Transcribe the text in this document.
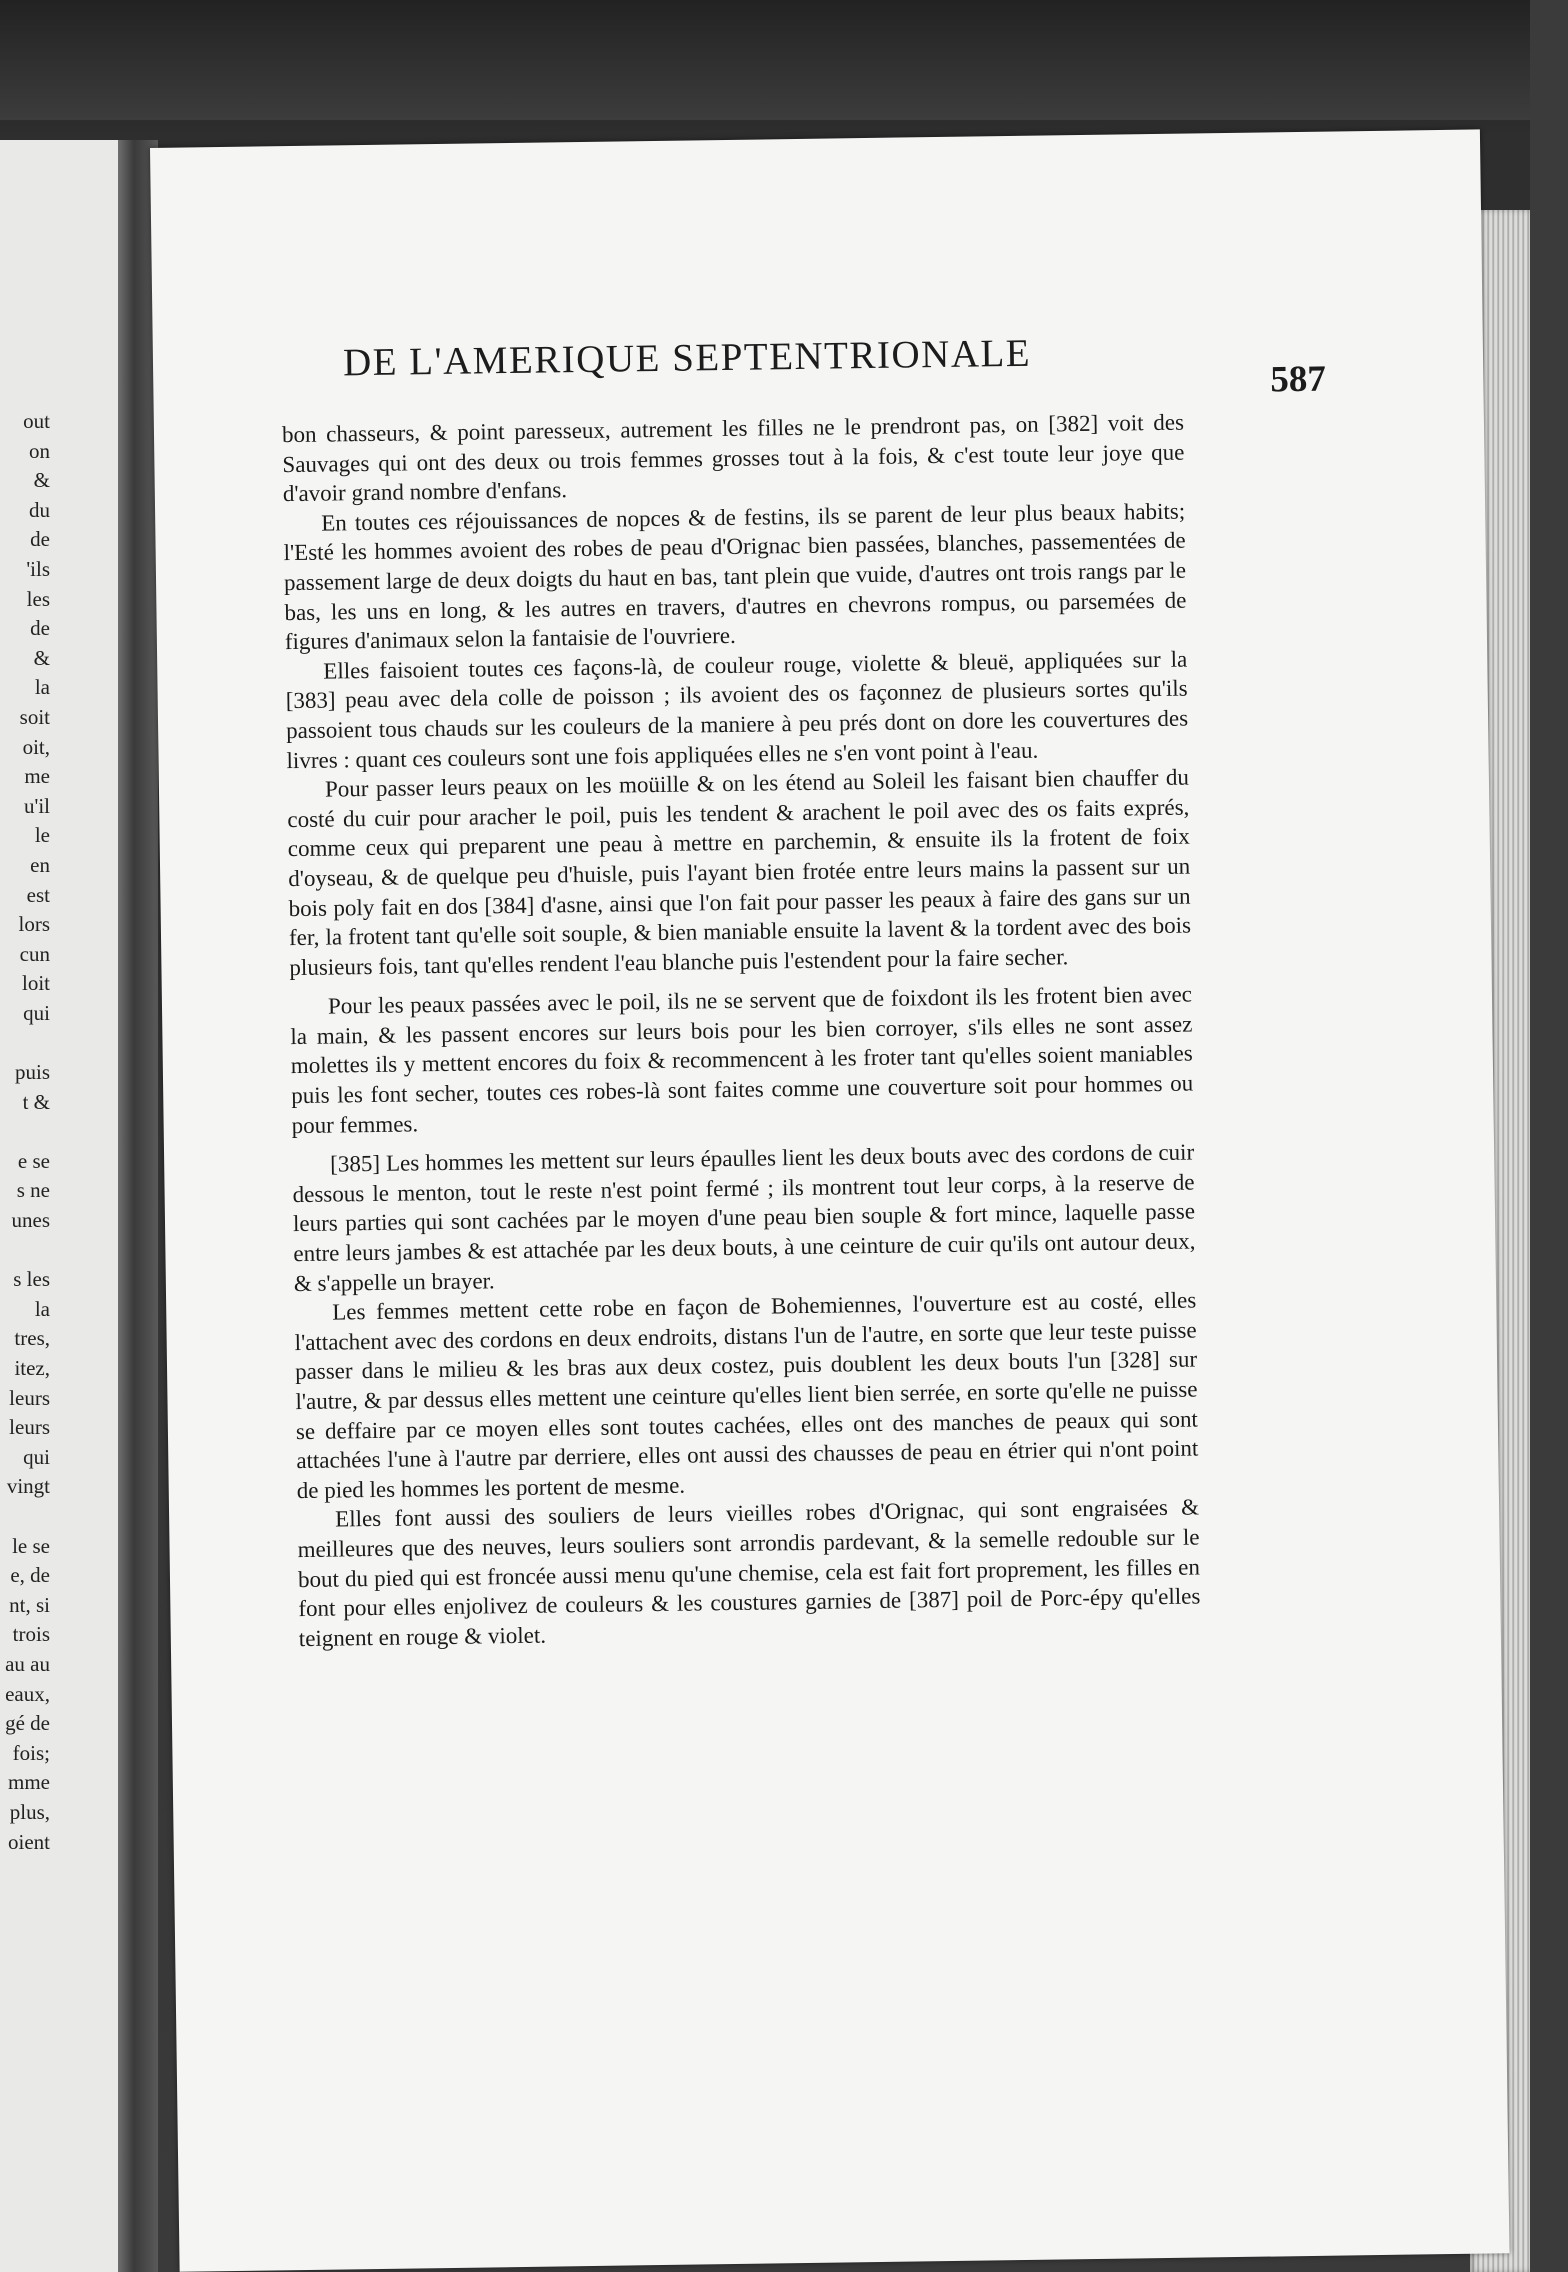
out
on
&
du
de
'ils
les
de
&
la
soit
oit,
me
u'il
le
en
est
lors
cun
loit
qui
puis
t &
e se
s ne
unes
s les
la
tres,
itez,
leurs
leurs
qui
vingt
le se
e, de
nt, si
trois
au au
eaux,
gé de
fois;
mme
plus,
oient
DE L'AMERIQUE SEPTENTRIONALE	587

bon chasseurs, & point paresseux, autrement les filles ne le prendront pas, on [382] voit des Sauvages qui ont des deux ou trois femmes grosses tout à la fois, & c'est toute leur joye que d'avoir grand nombre d'enfans.

En toutes ces réjouissances de nopces & de festins, ils se parent de leur plus beaux habits; l'Esté les hommes avoient des robes de peau d'Orignac bien passées, blanches, passementées de passement large de deux doigts du haut en bas, tant plein que vuide, d'autres ont trois rangs par le bas, les uns en long, & les autres en travers, d'autres en chevrons rompus, ou parsemées de figures d'animaux selon la fantaisie de l'ouvriere.

Elles faisoient toutes ces façons-là, de couleur rouge, violette & bleuë, appliquées sur la [383] peau avec dela colle de poisson ; ils avoient des os façonnez de plusieurs sortes qu'ils passoient tous chauds sur les couleurs de la maniere à peu prés dont on dore les couvertures des livres : quant ces couleurs sont une fois appliquées elles ne s'en vont point à l'eau.

Pour passer leurs peaux on les moüille & on les étend au Soleil les faisant bien chauffer du costé du cuir pour aracher le poil, puis les tendent & arachent le poil avec des os faits exprés, comme ceux qui preparent une peau à mettre en parchemin, & ensuite ils la frotent de foix d'oyseau, & de quelque peu d'huisle, puis l'ayant bien frotée entre leurs mains la passent sur un bois poly fait en dos [384] d'asne, ainsi que l'on fait pour passer les peaux à faire des gans sur un fer, la frotent tant qu'elle soit souple, & bien maniable ensuite la lavent & la tordent avec des bois plusieurs fois, tant qu'elles rendent l'eau blanche puis l'estendent pour la faire secher.

Pour les peaux passées avec le poil, ils ne se servent que de foixdont ils les frotent bien avec la main, & les passent encores sur leurs bois pour les bien corroyer, s'ils elles ne sont assez molettes ils y mettent encores du foix & recommencent à les froter tant qu'elles soient maniables puis les font secher, toutes ces robes-là sont faites comme une couverture soit pour hommes ou pour femmes.

[385] Les hommes les mettent sur leurs épaulles lient les deux bouts avec des cordons de cuir dessous le menton, tout le reste n'est point fermé ; ils montrent tout leur corps, à la reserve de leurs parties qui sont cachées par le moyen d'une peau bien souple & fort mince, laquelle passe entre leurs jambes & est attachée par les deux bouts, à une ceinture de cuir qu'ils ont autour deux, & s'appelle un brayer.

Les femmes mettent cette robe en façon de Bohemiennes, l'ouverture est au costé, elles l'attachent avec des cordons en deux endroits, distans l'un de l'autre, en sorte que leur teste puisse passer dans le milieu & les bras aux deux costez, puis doublent les deux bouts l'un [328] sur l'autre, & par dessus elles mettent une ceinture qu'elles lient bien serrée, en sorte qu'elle ne puisse se deffaire par ce moyen elles sont toutes cachées, elles ont des manches de peaux qui sont attachées l'une à l'autre par derriere, elles ont aussi des chausses de peau en étrier qui n'ont point de pied les hommes les portent de mesme.

Elles font aussi des souliers de leurs vieilles robes d'Orignac, qui sont engraisées & meilleures que des neuves, leurs souliers sont arrondis pardevant, & la semelle redouble sur le bout du pied qui est froncée aussi menu qu'une chemise, cela est fait fort proprement, les filles en font pour elles enjolivez de couleurs & les coustures garnies de [387] poil de Porc-épy qu'elles teignent en rouge & violet.
